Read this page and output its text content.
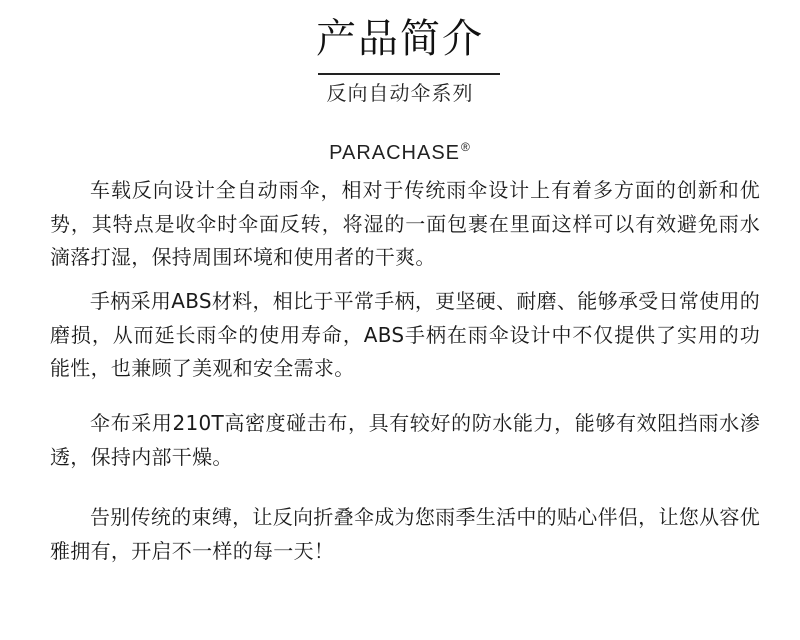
产品简介
反向自动伞系列
PARACHASE®

车载反向设计全自动雨伞，相对于传统雨伞设计上有着多方面的创新和优势，其特点是收伞时伞面反转，将湿的一面包裹在里面这样可以有效避免雨水滴落打湿，保持周围环境和使用者的干爽。

手柄采用ABS材料，相比于平常手柄，更坚硬、耐磨、能够承受日常使用的磨损，从而延长雨伞的使用寿命，ABS手柄在雨伞设计中不仅提供了实用的功能性，也兼顾了美观和安全需求。

伞布采用210T高密度碰击布，具有较好的防水能力，能够有效阻挡雨水渗透，保持内部干燥。

告别传统的束缚，让反向折叠伞成为您雨季生活中的贴心伴侣，让您从容优雅拥有，开启不一样的每一天！
